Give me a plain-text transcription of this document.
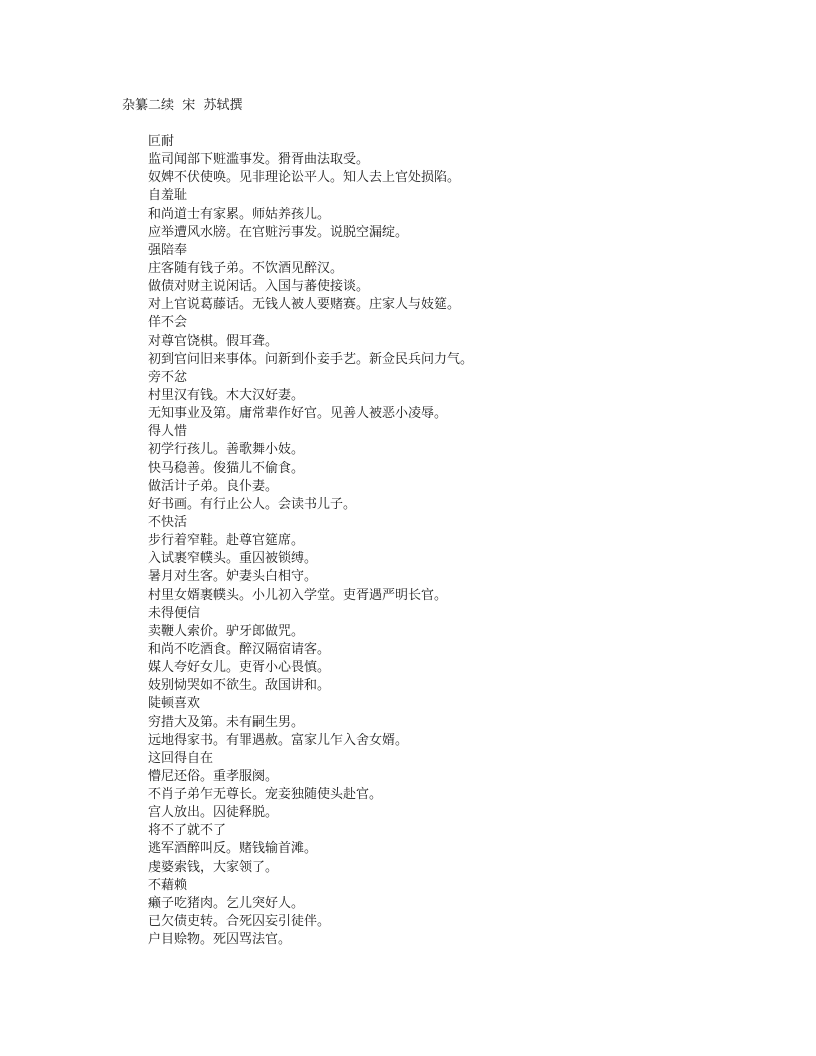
杂纂二续  宋  苏轼撰
叵耐
监司闻部下赃滥事发。猾胥曲法取受。
奴婢不伏使唤。见非理论讼平人。知人去上官处损陷。
自羞耻
和尚道士有家累。师姑养孩儿。
应举遭风水牓。在官赃污事发。说脱空漏绽。
强陪奉
庄客随有钱子弟。不饮酒见醉汉。
做债对财主说闲话。入国与蕃使接谈。
对上官说葛藤话。无钱人被人要赌赛。庄家人与妓筵。
佯不会
对尊官饶棋。假耳聋。
初到官问旧来事体。问新到仆妾手艺。新佥民兵问力气。
旁不忿
村里汉有钱。木大汉好妻。
无知事业及第。庸常辈作好官。见善人被恶小凌辱。
得人惜
初学行孩儿。善歌舞小妓。
快马稳善。俊猫儿不偷食。
做活计子弟。良仆妻。
好书画。有行止公人。会读书儿子。
不快活
步行着窄鞋。赴尊官筵席。
入试裹窄幞头。重囚被锁缚。
暑月对生客。妒妻头白相守。
村里女婿裹幞头。小儿初入学堂。吏胥遇严明长官。
未得便信
卖鞭人索价。驴牙郎做咒。
和尚不吃酒食。醉汉隔宿请客。
媒人夸好女儿。吏胥小心畏慎。
妓别恸哭如不欲生。敌国讲和。
陡顿喜欢
穷措大及第。未有嗣生男。
远地得家书。有罪遇赦。富家儿乍入舍女婿。
这回得自在
懵尼还俗。重孝服阕。
不肖子弟乍无尊长。宠妾独随使头赴官。
宫人放出。囚徒释脱。
将不了就不了
逃军酒醉叫反。赌钱输首滩。
虔婆索钱，大家领了。
不藉赖
癞子吃猪肉。乞儿突好人。
已欠债吏转。合死囚妄引徒伴。
户目赊物。死囚骂法官。
